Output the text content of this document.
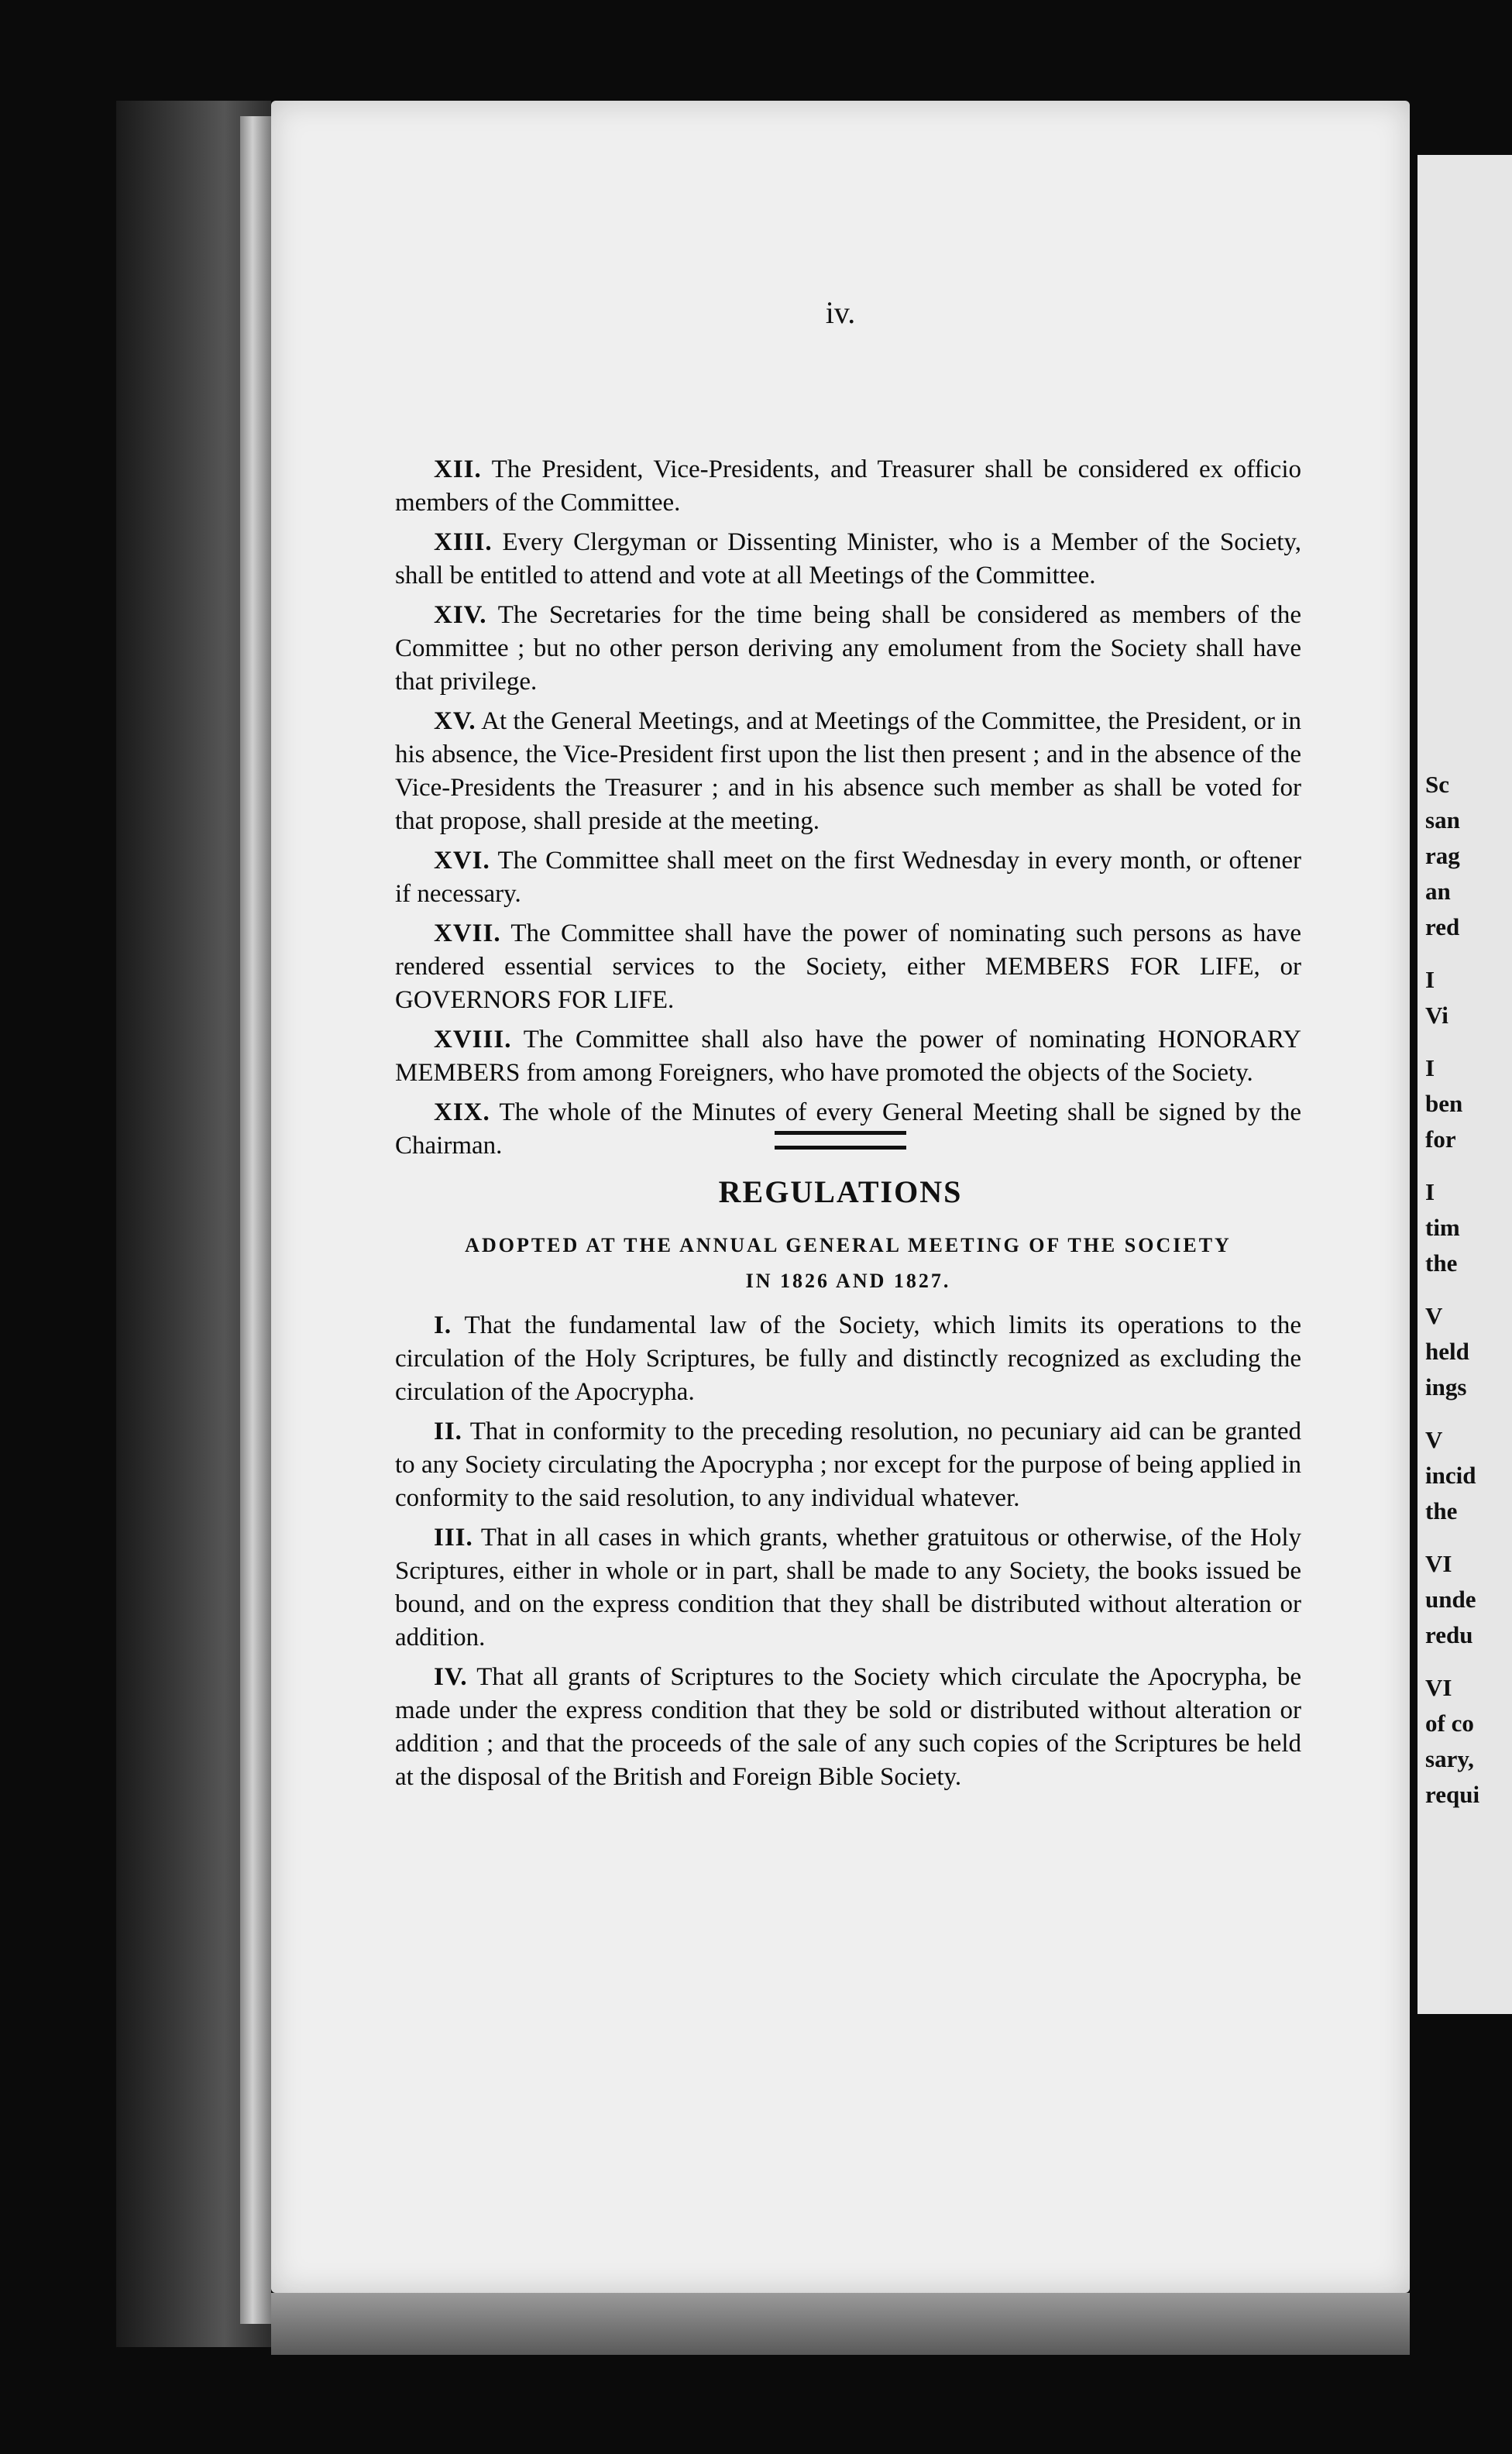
iv.

XII. The President, Vice-Presidents, and Treasurer shall be considered ex officio members of the Committee.

XIII. Every Clergyman or Dissenting Minister, who is a Member of the Society, shall be entitled to attend and vote at all Meetings of the Committee.

XIV. The Secretaries for the time being shall be considered as members of the Committee ; but no other person deriving any emolument from the Society shall have that privilege.

XV. At the General Meetings, and at Meetings of the Committee, the President, or in his absence, the Vice-President first upon the list then present ; and in the absence of the Vice-Presidents the Treasurer ; and in his absence such member as shall be voted for that propose, shall preside at the meeting.

XVI. The Committee shall meet on the first Wednesday in every month, or oftener if necessary.

XVII. The Committee shall have the power of nominating such persons as have rendered essential services to the Society, either MEMBERS FOR LIFE, or GOVERNORS FOR LIFE.

XVIII. The Committee shall also have the power of nominating HONORARY MEMBERS from among Foreigners, who have promoted the objects of the Society.

XIX. The whole of the Minutes of every General Meeting shall be signed by the Chairman.

REGULATIONS
ADOPTED AT THE ANNUAL GENERAL MEETING OF THE SOCIETY
IN 1826 AND 1827.

I. That the fundamental law of the Society, which limits its operations to the circulation of the Holy Scriptures, be fully and distinctly recognized as excluding the circulation of the Apocrypha.

II. That in conformity to the preceding resolution, no pecuniary aid can be granted to any Society circulating the Apocrypha ; nor except for the purpose of being applied in conformity to the said resolution, to any individual whatever.

III. That in all cases in which grants, whether gratuitous or otherwise, of the Holy Scriptures, either in whole or in part, shall be made to any Society, the books issued be bound, and on the express condition that they shall be distributed without alteration or addition.

IV. That all grants of Scriptures to the Society which circulate the Apocrypha, be made under the express condition that they be sold or distributed without alteration or addition ; and that the proceeds of the sale of any such copies of the Scriptures be held at the disposal of the British and Foreign Bible Society.

Sc
san
rag
an
red
I
Vi
I
ben
for
I
tim
the
V
held
ings
V
incid
the
VI
unde
redu
VI
of co
sary,
requi
